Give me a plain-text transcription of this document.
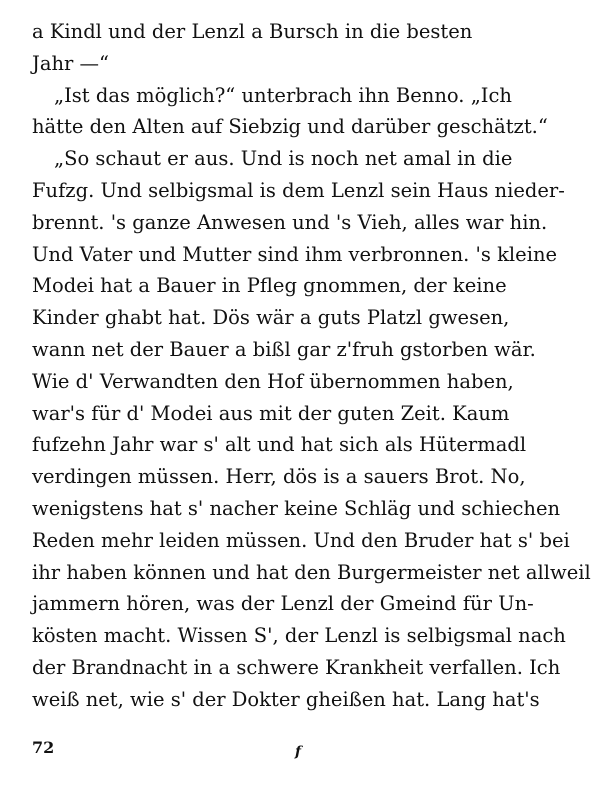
a Kindl und der Lenzl a Bursch in die besten
Jahr —“
„Ist das möglich?“ unterbrach ihn Benno. „Ich
hätte den Alten auf Siebzig und darüber geschätzt.“
„So schaut er aus. Und is noch net amal in die
Fufzg. Und selbigsmal is dem Lenzl sein Haus nieder-
brennt. 's ganze Anwesen und 's Vieh, alles war hin.
Und Vater und Mutter sind ihm verbronnen. 's kleine
Modei hat a Bauer in Pfleg gnommen, der keine
Kinder ghabt hat. Dös wär a guts Platzl gwesen,
wann net der Bauer a bißl gar z'fruh gstorben wär.
Wie d' Verwandten den Hof übernommen haben,
war's für d' Modei aus mit der guten Zeit. Kaum
fufzehn Jahr war s' alt und hat sich als Hütermadl
verdingen müssen. Herr, dös is a sauers Brot. No,
wenigstens hat s' nacher keine Schläg und schiechen
Reden mehr leiden müssen. Und den Bruder hat s' bei
ihr haben können und hat den Burgermeister net allweil
jammern hören, was der Lenzl der Gmeind für Un-
kösten macht. Wissen S', der Lenzl is selbigsmal nach
der Brandnacht in a schwere Krankheit verfallen. Ich
weiß net, wie s' der Dokter gheißen hat. Lang hat's
72	f
